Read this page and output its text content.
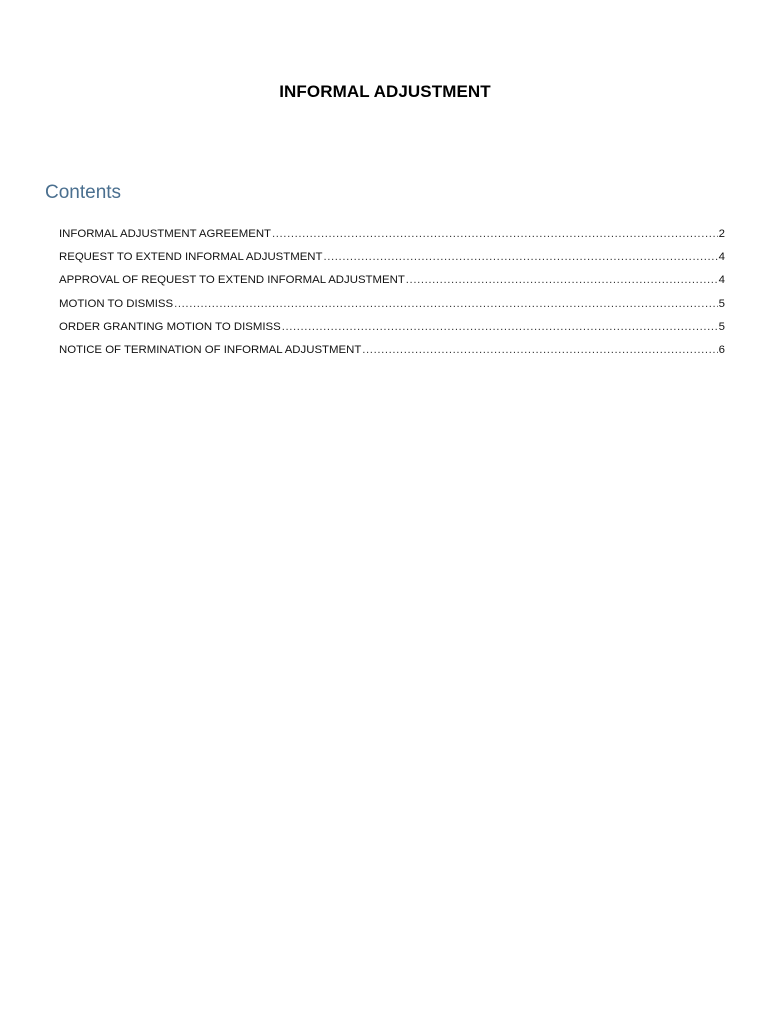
INFORMAL ADJUSTMENT
Contents
INFORMAL ADJUSTMENT AGREEMENT .....	2
REQUEST TO EXTEND INFORMAL ADJUSTMENT .....	4
APPROVAL OF REQUEST TO EXTEND INFORMAL ADJUSTMENT .....	4
MOTION TO DISMISS .....	5
ORDER GRANTING MOTION TO DISMISS .....	5
NOTICE OF TERMINATION OF INFORMAL ADJUSTMENT .....	6
